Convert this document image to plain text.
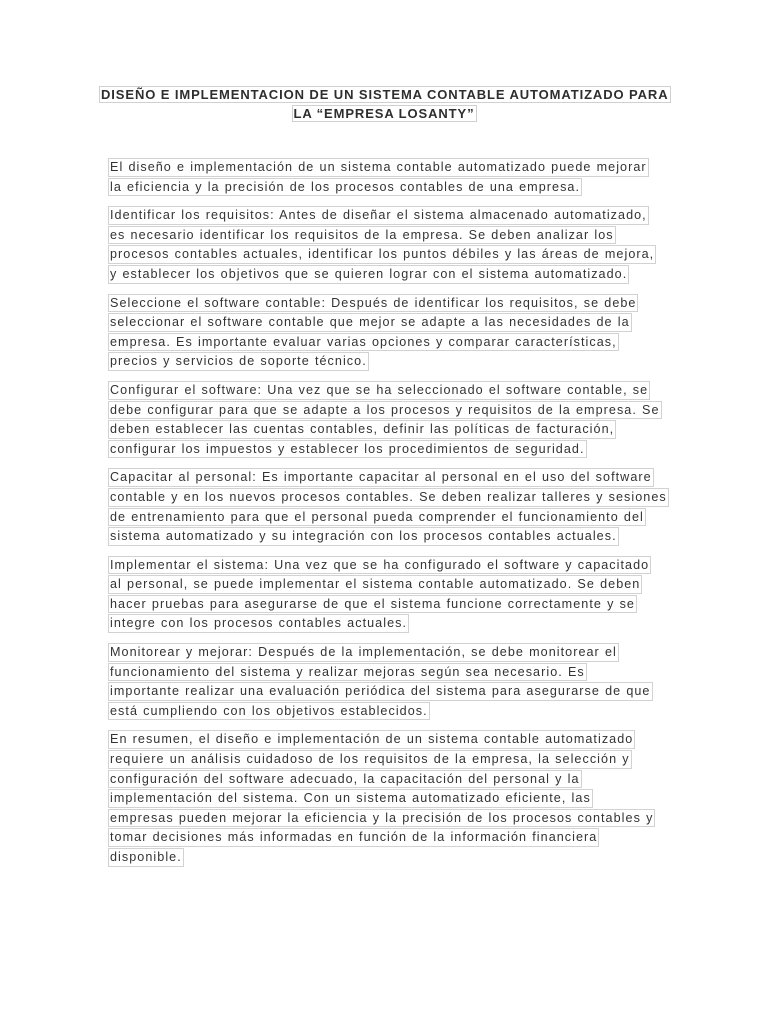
DISEÑO E IMPLEMENTACION DE UN SISTEMA CONTABLE AUTOMATIZADO PARA
LA “EMPRESA LOSANTY”
El diseño e implementación de un sistema contable automatizado puede mejorar
la eficiencia y la precisión de los procesos contables de una empresa.
Identificar los requisitos: Antes de diseñar el sistema almacenado automatizado,
es necesario identificar los requisitos de la empresa. Se deben analizar los
procesos contables actuales, identificar los puntos débiles y las áreas de mejora,
y establecer los objetivos que se quieren lograr con el sistema automatizado.
Seleccione el software contable: Después de identificar los requisitos, se debe
seleccionar el software contable que mejor se adapte a las necesidades de la
empresa. Es importante evaluar varias opciones y comparar características,
precios y servicios de soporte técnico.
Configurar el software: Una vez que se ha seleccionado el software contable, se
debe configurar para que se adapte a los procesos y requisitos de la empresa. Se
deben establecer las cuentas contables, definir las políticas de facturación,
configurar los impuestos y establecer los procedimientos de seguridad.
Capacitar al personal: Es importante capacitar al personal en el uso del software
contable y en los nuevos procesos contables. Se deben realizar talleres y sesiones
de entrenamiento para que el personal pueda comprender el funcionamiento del
sistema automatizado y su integración con los procesos contables actuales.
Implementar el sistema: Una vez que se ha configurado el software y capacitado
al personal, se puede implementar el sistema contable automatizado. Se deben
hacer pruebas para asegurarse de que el sistema funcione correctamente y se
integre con los procesos contables actuales.
Monitorear y mejorar: Después de la implementación, se debe monitorear el
funcionamiento del sistema y realizar mejoras según sea necesario. Es
importante realizar una evaluación periódica del sistema para asegurarse de que
está cumpliendo con los objetivos establecidos.
En resumen, el diseño e implementación de un sistema contable automatizado
requiere un análisis cuidadoso de los requisitos de la empresa, la selección y
configuración del software adecuado, la capacitación del personal y la
implementación del sistema. Con un sistema automatizado eficiente, las
empresas pueden mejorar la eficiencia y la precisión de los procesos contables y
tomar decisiones más informadas en función de la información financiera
disponible.
